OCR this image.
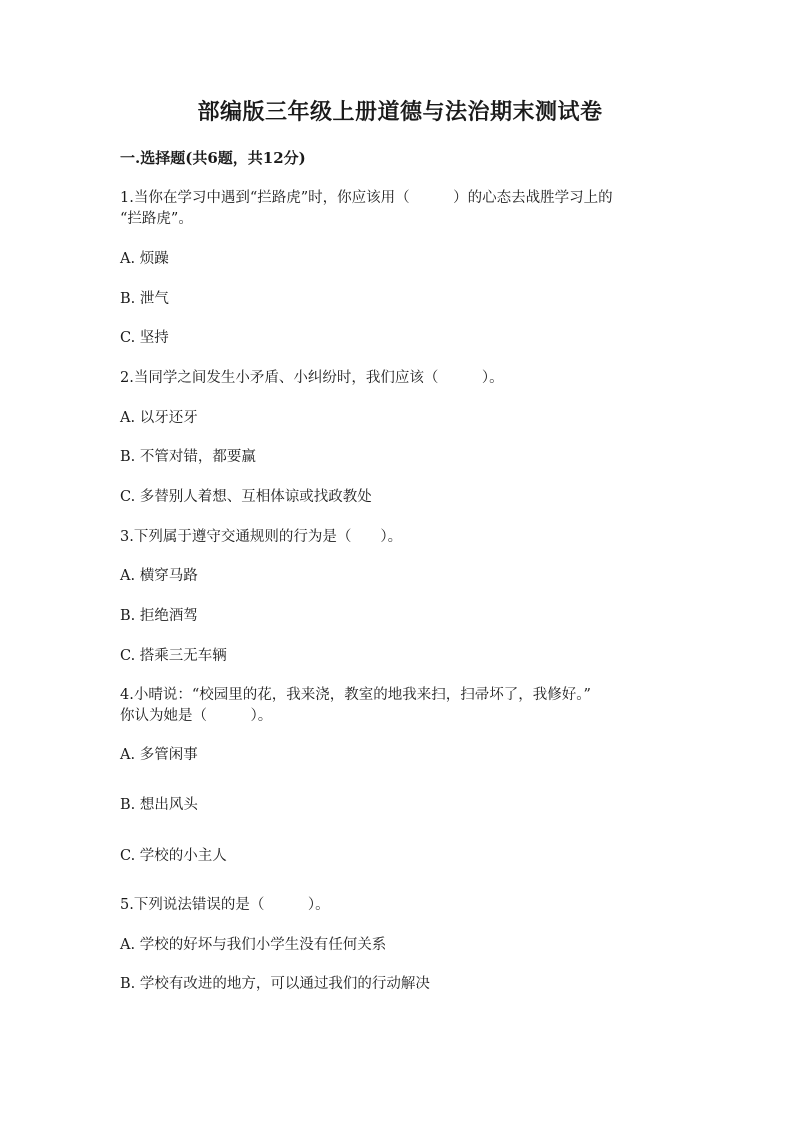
部编版三年级上册道德与法治期末测试卷
一.选择题(共6题，共12分)
1.当你在学习中遇到“拦路虎”时，你应该用（　　　）的心态去战胜学习上的
“拦路虎”。
A. 烦躁
B. 泄气
C. 坚持
2.当同学之间发生小矛盾、小纠纷时，我们应该（　　　）。
A. 以牙还牙
B. 不管对错，都要赢
C. 多替别人着想、互相体谅或找政教处
3.下列属于遵守交通规则的行为是（　　）。
A. 横穿马路
B. 拒绝酒驾
C. 搭乘三无车辆
4.小晴说：“校园里的花，我来浇，教室的地我来扫，扫帚坏了，我修好。”
你认为她是（　　　）。
A. 多管闲事
B. 想出风头
C. 学校的小主人
5.下列说法错误的是（　　　）。
A. 学校的好坏与我们小学生没有任何关系
B. 学校有改进的地方，可以通过我们的行动解决
